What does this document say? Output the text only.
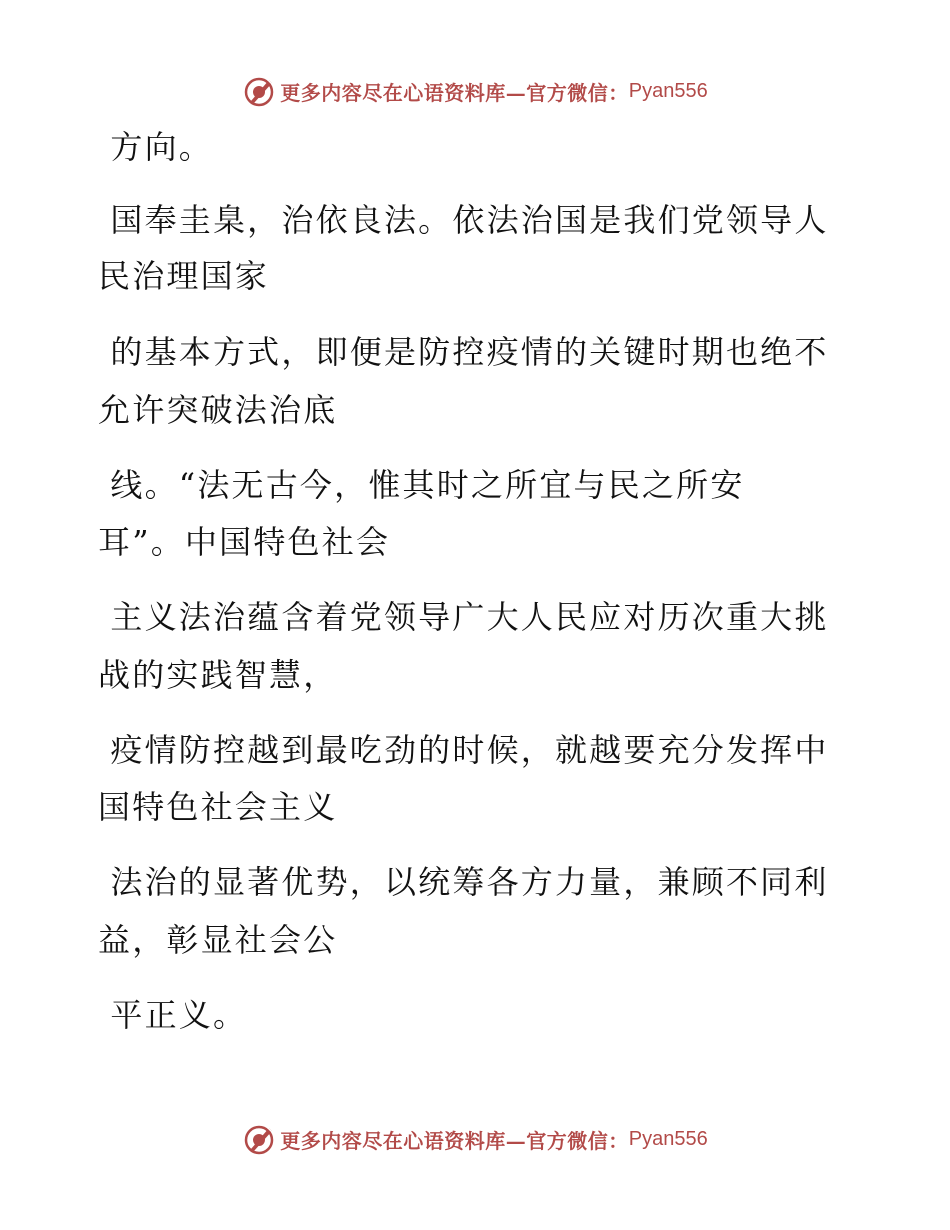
更多内容尽在心语资料库—官方微信： Pyan556
方向。
国奉圭臬，治依良法。依法治国是我们党领导人
民治理国家
的基本方式，即便是防控疫情的关键时期也绝不
允许突破法治底
线。“法无古今，惟其时之所宜与民之所安
耳”。中国特色社会
主义法治蕴含着党领导广大人民应对历次重大挑
战的实践智慧，
疫情防控越到最吃劲的时候，就越要充分发挥中
国特色社会主义
法治的显著优势，以统筹各方力量，兼顾不同利
益，彰显社会公
平正义。
更多内容尽在心语资料库—官方微信： Pyan556
